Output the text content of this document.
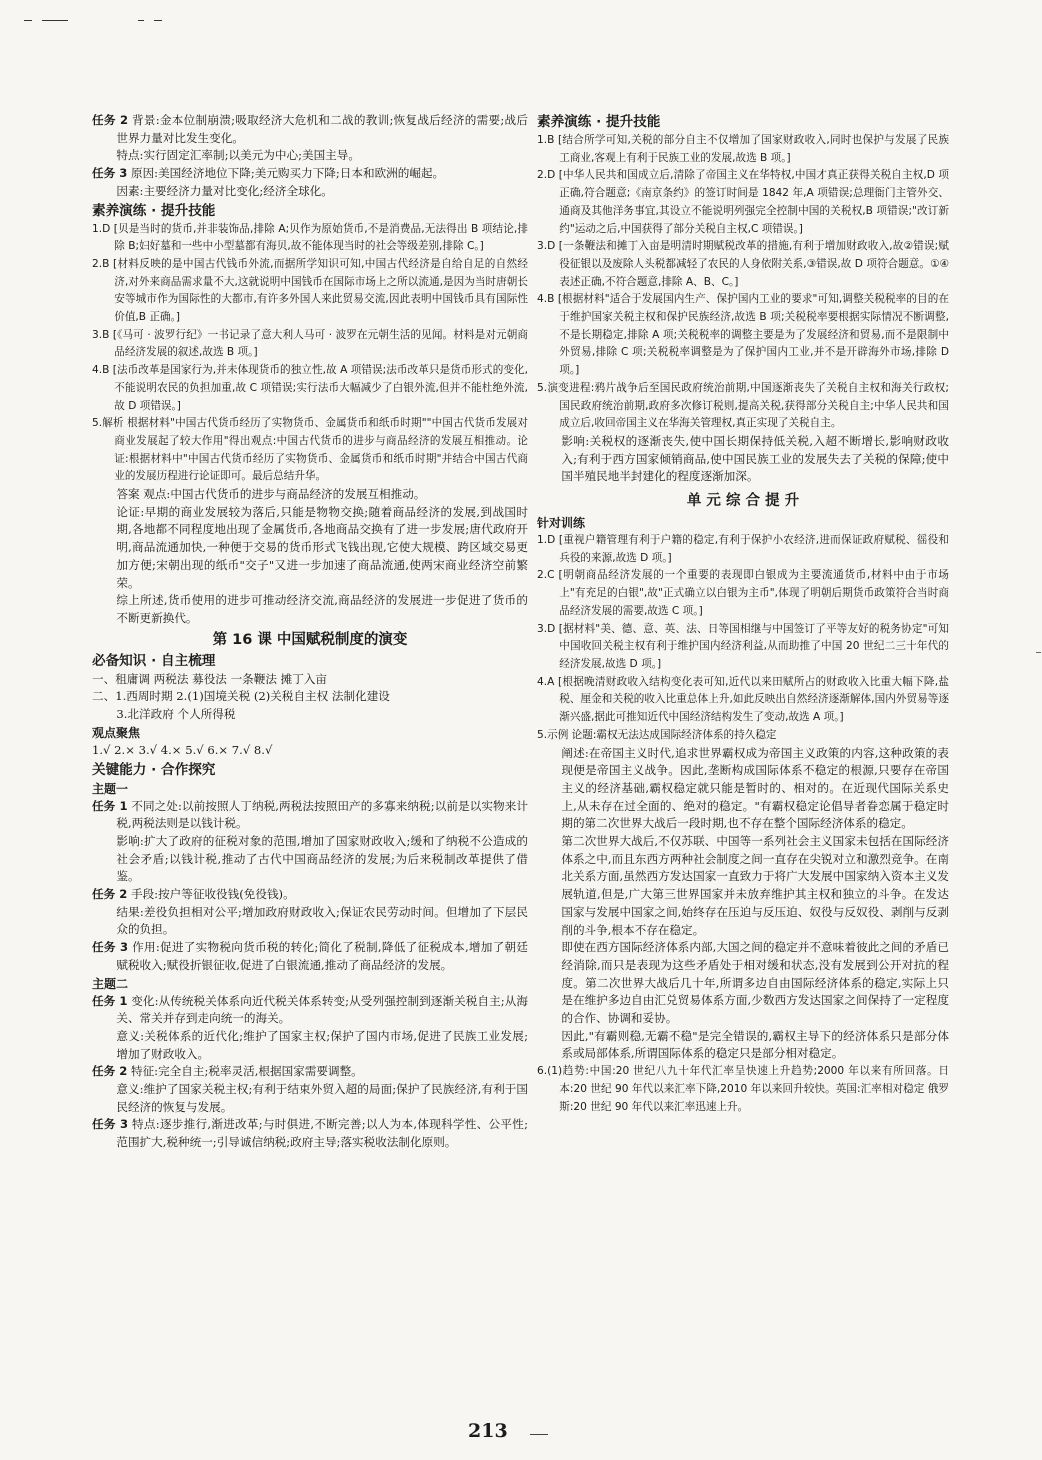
任务 2 背景:金本位制崩溃;吸取经济大危机和二战的教训;恢复战后经济的需要;战后世界力量对比发生变化。

特点:实行固定汇率制;以美元为中心;美国主导。

任务 3 原因:美国经济地位下降;美元购买力下降;日本和欧洲的崛起。

因素:主要经济力量对比变化;经济全球化。

素养演练 · 提升技能

1.D [贝是当时的货币,并非装饰品,排除 A;贝作为原始货币,不是消费品,无法得出 B 项结论,排除 B;妇好墓和一些中小型墓都有海贝,故不能体现当时的社会等级差别,排除 C。]

2.B [材料反映的是中国古代钱币外流,而据所学知识可知,中国古代经济是自给自足的自然经济,对外来商品需求量不大,这就说明中国钱币在国际市场上之所以流通,是因为当时唐朝长安等城市作为国际性的大都市,有许多外国人来此贸易交流,因此表明中国钱币具有国际性价值,B 正确。]

3.B [《马可 · 波罗行纪》一书记录了意大利人马可 · 波罗在元朝生活的见闻。材料是对元朝商品经济发展的叙述,故选 B 项。]

4.B [法币改革是国家行为,并未体现货币的独立性,故 A 项错误;法币改革只是货币形式的变化,不能说明农民的负担加重,故 C 项错误;实行法币大幅减少了白银外流,但并不能杜绝外流,故 D 项错误。]

5.解析 根据材料"中国古代货币经历了实物货币、金属货币和纸币时期""中国古代货币发展对商业发展起了较大作用"得出观点:中国古代货币的进步与商品经济的发展互相推动。论证:根据材料中"中国古代货币经历了实物货币、金属货币和纸币时期"并结合中国古代商业的发展历程进行论证即可。最后总结升华。

答案 观点:中国古代货币的进步与商品经济的发展互相推动。

论证:早期的商业发展较为落后,只能是物物交换;随着商品经济的发展,到战国时期,各地都不同程度地出现了金属货币,各地商品交换有了进一步发展;唐代政府开明,商品流通加快,一种便于交易的货币形式飞钱出现,它使大规模、跨区域交易更加方便;宋朝出现的纸币"交子"又进一步加速了商品流通,使两宋商业经济空前繁荣。

综上所述,货币使用的进步可推动经济交流,商品经济的发展进一步促进了货币的不断更新换代。

第 16 课 中国赋税制度的演变
必备知识 · 自主梳理

一、租庸调 两税法 募役法 一条鞭法 摊丁入亩

二、1.西周时期 2.(1)国境关税 (2)关税自主权 法制化建设

3.北洋政府 个人所得税

观点聚焦

1.√ 2.× 3.√ 4.× 5.√ 6.× 7.√ 8.√

关键能力 · 合作探究
主题一

任务 1 不同之处:以前按照人丁纳税,两税法按照田产的多寡来纳税;以前是以实物来计税,两税法则是以钱计税。

影响:扩大了政府的征税对象的范围,增加了国家财政收入;缓和了纳税不公造成的社会矛盾;以钱计税,推动了古代中国商品经济的发展;为后来税制改革提供了借鉴。

任务 2 手段:按户等征收役钱(免役钱)。

结果:差役负担相对公平;增加政府财政收入;保证农民劳动时间。但增加了下层民众的负担。

任务 3 作用:促进了实物税向货币税的转化;简化了税制,降低了征税成本,增加了朝廷赋税收入;赋役折银征收,促进了白银流通,推动了商品经济的发展。

主题二

任务 1 变化:从传统税关体系向近代税关体系转变;从受列强控制到逐渐关税自主;从海关、常关并存到走向统一的海关。

意义:关税体系的近代化;维护了国家主权;保护了国内市场,促进了民族工业发展;增加了财政收入。

任务 2 特征:完全自主;税率灵活,根据国家需要调整。

意义:维护了国家关税主权;有利于结束外贸入超的局面;保护了民族经济,有利于国民经济的恢复与发展。

任务 3 特点:逐步推行,渐进改革;与时俱进,不断完善;以人为本,体现科学性、公平性;范围扩大,税种统一;引导诚信纳税;政府主导;落实税收法制化原则。

素养演练 · 提升技能

1.B [结合所学可知,关税的部分自主不仅增加了国家财政收入,同时也保护与发展了民族工商业,客观上有利于民族工业的发展,故选 B 项。]

2.D [中华人民共和国成立后,清除了帝国主义在华特权,中国才真正获得关税自主权,D 项正确,符合题意;《南京条约》的签订时间是 1842 年,A 项错误;总理衙门主管外交、通商及其他洋务事宜,其设立不能说明列强完全控制中国的关税权,B 项错误;"改订新约"运动之后,中国获得了部分关税自主权,C 项错误。]

3.D [一条鞭法和摊丁入亩是明清时期赋税改革的措施,有利于增加财政收入,故②错误;赋役征银以及废除人头税都减轻了农民的人身依附关系,③错误,故 D 项符合题意。①④表述正确,不符合题意,排除 A、B、C。]

4.B [根据材料"适合于发展国内生产、保护国内工业的要求"可知,调整关税税率的目的在于维护国家关税主权和保护民族经济,故选 B 项;关税税率要根据实际情况不断调整,不是长期稳定,排除 A 项;关税税率的调整主要是为了发展经济和贸易,而不是限制中外贸易,排除 C 项;关税税率调整是为了保护国内工业,并不是开辟海外市场,排除 D 项。]

5.演变进程:鸦片战争后至国民政府统治前期,中国逐渐丧失了关税自主权和海关行政权;国民政府统治前期,政府多次修订税则,提高关税,获得部分关税自主;中华人民共和国成立后,收回帝国主义在华海关管理权,真正实现了关税自主。

影响:关税权的逐渐丧失,使中国长期保持低关税,入超不断增长,影响财政收入;有利于西方国家倾销商品,使中国民族工业的发展失去了关税的保障;使中国半殖民地半封建化的程度逐渐加深。

单 元 综 合 提 升
针对训练

1.D [重视户籍管理有利于户籍的稳定,有利于保护小农经济,进而保证政府赋税、徭役和兵役的来源,故选 D 项。]

2.C [明朝商品经济发展的一个重要的表现即白银成为主要流通货币,材料中由于市场上"有充足的白银",故"正式确立以白银为主币",体现了明朝后期货币政策符合当时商品经济发展的需要,故选 C 项。]

3.D [据材料"美、德、意、英、法、日等国相继与中国签订了平等友好的税务协定"可知中国收回关税主权有利于维护国内经济利益,从而助推了中国 20 世纪二三十年代的经济发展,故选 D 项。]

4.A [根据晚清财政收入结构变化表可知,近代以来田赋所占的财政收入比重大幅下降,盐税、厘金和关税的收入比重总体上升,如此反映出自然经济逐渐解体,国内外贸易等逐渐兴盛,据此可推知近代中国经济结构发生了变动,故选 A 项。]

5.示例 论题:霸权无法达成国际经济体系的持久稳定

阐述:在帝国主义时代,追求世界霸权成为帝国主义政策的内容,这种政策的表现便是帝国主义战争。因此,垄断构成国际体系不稳定的根源,只要存在帝国主义的经济基础,霸权稳定就只能是暂时的、相对的。在近现代国际关系史上,从未存在过全面的、绝对的稳定。"有霸权稳定论倡导者眷恋属于稳定时期的第二次世界大战后一段时期,也不存在整个国际经济体系的稳定。

第二次世界大战后,不仅苏联、中国等一系列社会主义国家未包括在国际经济体系之中,而且东西方两种社会制度之间一直存在尖锐对立和激烈竞争。在南北关系方面,虽然西方发达国家一直致力于将广大发展中国家纳入资本主义发展轨道,但是,广大第三世界国家并未放弃维护其主权和独立的斗争。在发达国家与发展中国家之间,始终存在压迫与反压迫、奴役与反奴役、剥削与反剥削的斗争,根本不存在稳定。

即使在西方国际经济体系内部,大国之间的稳定并不意味着彼此之间的矛盾已经消除,而只是表现为这些矛盾处于相对缓和状态,没有发展到公开对抗的程度。第二次世界大战后几十年,所谓多边自由国际经济体系的稳定,实际上只是在维护多边自由汇兑贸易体系方面,少数西方发达国家之间保持了一定程度的合作、协调和妥协。

因此,"有霸则稳,无霸不稳"是完全错误的,霸权主导下的经济体系只是部分体系或局部体系,所谓国际体系的稳定只是部分相对稳定。

6.(1)趋势:中国:20 世纪八九十年代汇率呈快速上升趋势;2000 年以来有所回落。日本:20 世纪 90 年代以来汇率下降,2010 年以来回升较快。英国:汇率相对稳定 俄罗斯:20 世纪 90 年代以来汇率迅速上升。

213
